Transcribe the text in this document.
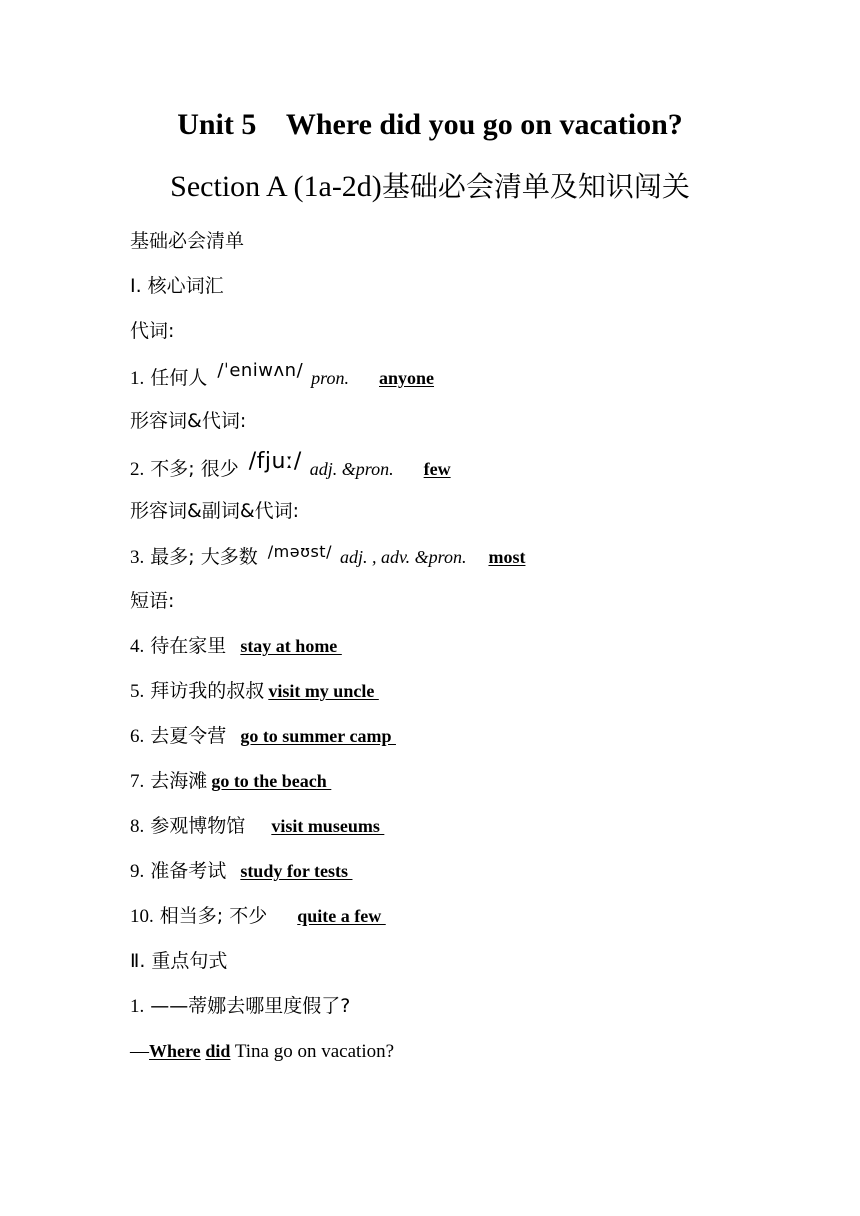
Unit 5    Where did you go on vacation?
Section A (1a-2d)基础必会清单及知识闯关
基础必会清单
Ⅰ. 核心词汇
代词:
1. 任何人 /ˈeniwʌn/ pron. anyone
形容词&代词:
2. 不多; 很少 /fjuː/ adj. &pron. few
形容词&副词&代词:
3. 最多; 大多数 $^{/məʊst/}$ adj. , adv. &pron. most
短语:
4. 待在家里 stay at home
5. 拜访我的叔叔 visit my uncle
6. 去夏令营 go to summer camp
7. 去海滩 go to the beach
8. 参观博物馆 visit museums
9. 准备考试 study for tests
10. 相当多; 不少 quite a few
Ⅱ. 重点句式
1. ——蒂娜去哪里度假了?
—Where did Tina go on vacation?
